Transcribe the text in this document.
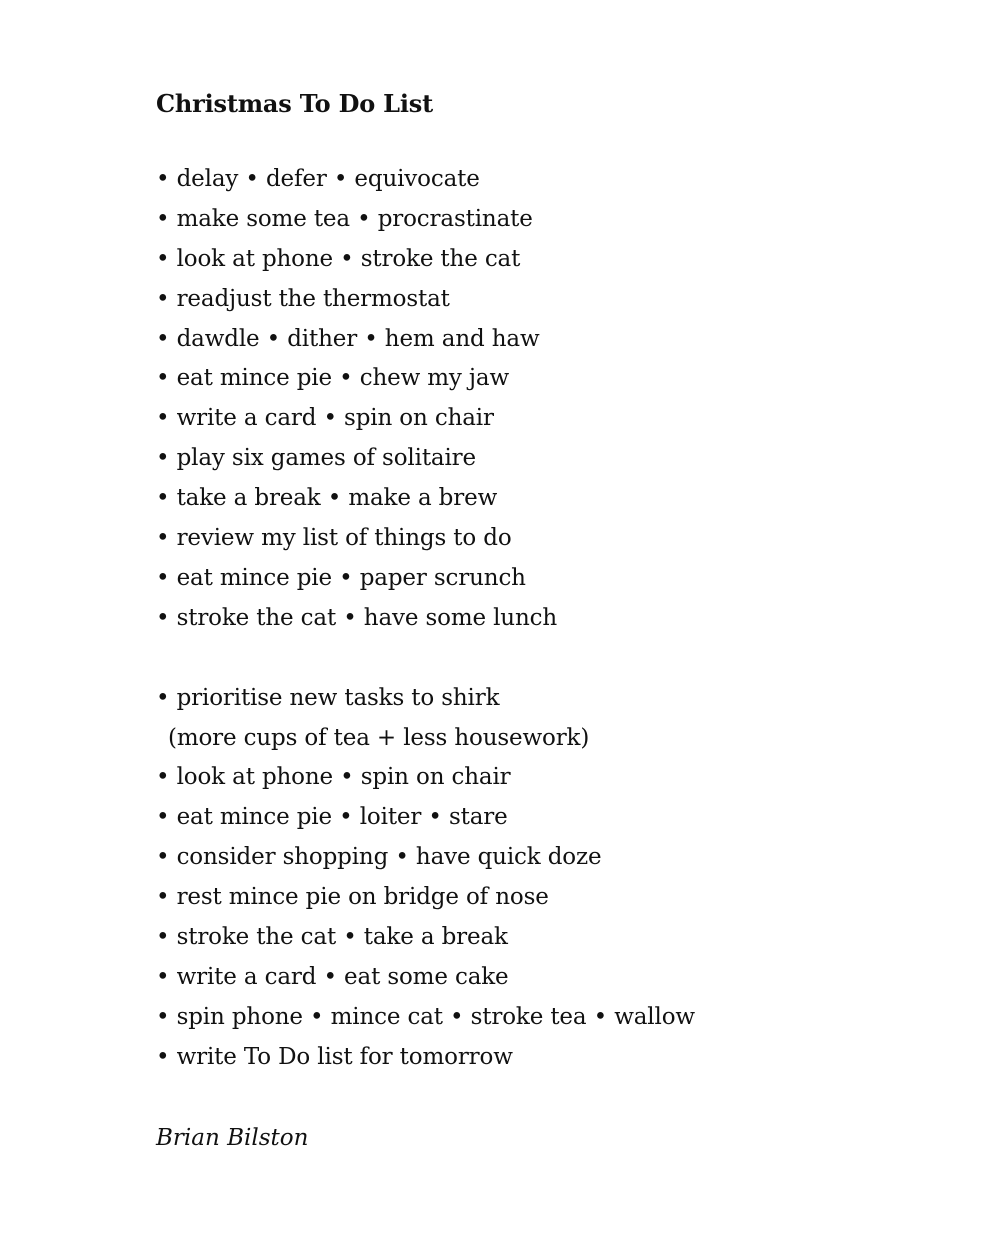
Christmas To Do List
• delay • defer • equivocate
• make some tea • procrastinate
• look at phone • stroke the cat
• readjust the thermostat
• dawdle • dither • hem and haw
• eat mince pie • chew my jaw
• write a card • spin on chair
• play six games of solitaire
• take a break • make a brew
• review my list of things to do
• eat mince pie • paper scrunch
• stroke the cat • have some lunch
• prioritise new tasks to shirk
(more cups of tea + less housework)
• look at phone • spin on chair
• eat mince pie • loiter • stare
• consider shopping • have quick doze
• rest mince pie on bridge of nose
• stroke the cat • take a break
• write a card • eat some cake
• spin phone • mince cat • stroke tea • wallow
• write To Do list for tomorrow
Brian Bilston
